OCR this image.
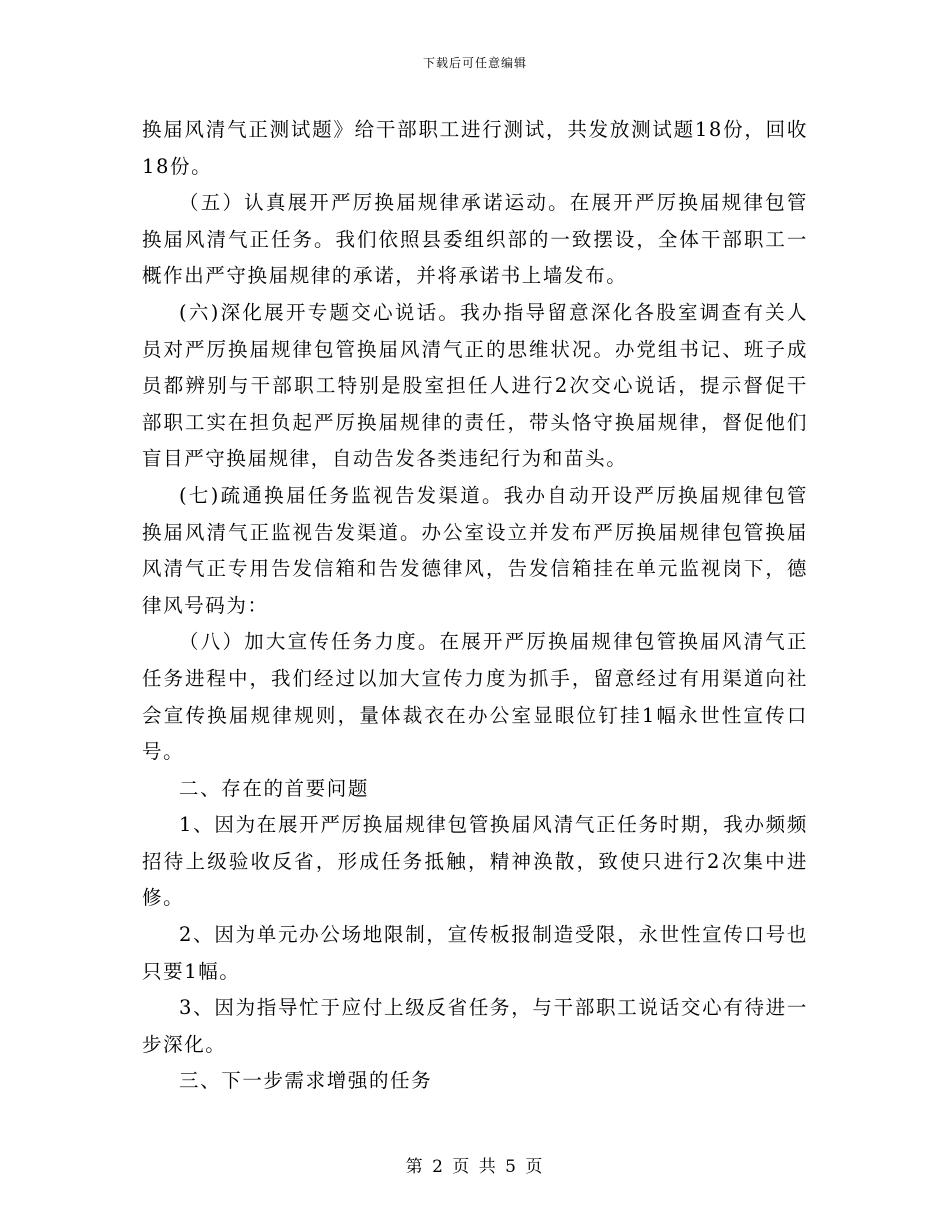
下载后可任意编辑

换届风清气正测试题》给干部职工进行测试，共发放测试题18份，回收18份。

（五）认真展开严厉换届规律承诺运动。在展开严厉换届规律包管换届风清气正任务。我们依照县委组织部的一致摆设，全体干部职工一概作出严守换届规律的承诺，并将承诺书上墙发布。

(六)深化展开专题交心说话。我办指导留意深化各股室调查有关人员对严厉换届规律包管换届风清气正的思维状况。办党组书记、班子成员都辨别与干部职工特别是股室担任人进行2次交心说话，提示督促干部职工实在担负起严厉换届规律的责任，带头恪守换届规律，督促他们盲目严守换届规律，自动告发各类违纪行为和苗头。

(七)疏通换届任务监视告发渠道。我办自动开设严厉换届规律包管换届风清气正监视告发渠道。办公室设立并发布严厉换届规律包管换届风清气正专用告发信箱和告发德律风，告发信箱挂在单元监视岗下，德律风号码为：

（八）加大宣传任务力度。在展开严厉换届规律包管换届风清气正任务进程中，我们经过以加大宣传力度为抓手，留意经过有用渠道向社会宣传换届规律规则，量体裁衣在办公室显眼位钉挂1幅永世性宣传口号。

二、存在的首要问题

1、因为在展开严厉换届规律包管换届风清气正任务时期，我办频频招待上级验收反省，形成任务抵触，精神涣散，致使只进行2次集中进修。

2、因为单元办公场地限制，宣传板报制造受限，永世性宣传口号也只要1幅。

3、因为指导忙于应付上级反省任务，与干部职工说话交心有待进一步深化。

三、下一步需求增强的任务

第 2 页 共 5 页
